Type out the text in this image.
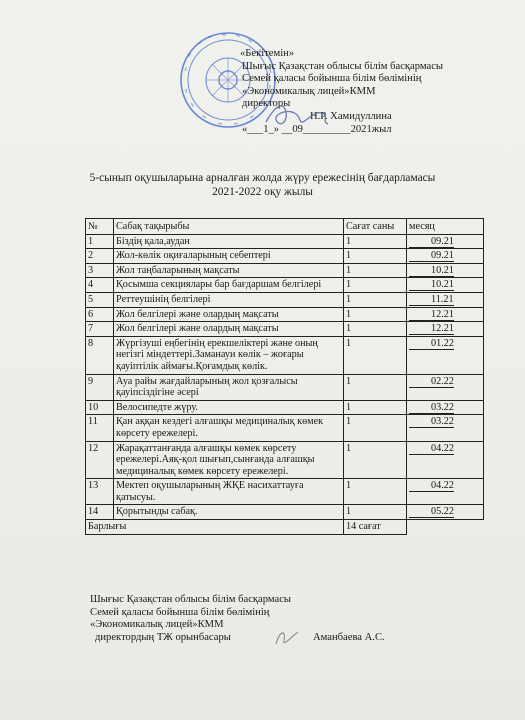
«Бекітемін»
Шығыс Қазақстан облысы білім басқармасы
Семей қаласы бойынша білім бөлімінің
«Экономикалық лицей»КММ
директоры
Н.Р. Хамидуллина
«___1_» __09_________2021жыл
5-сынып оқушыларына арналған жолда жүру ережесінің бағдарламасы
2021-2022 оқу жылы
№	Сабақ тақырыбы	Сағат саны	месяц
1	Біздің қала,аудан	1	09.21
2	Жол-көлік оқиғаларының себептері	1	09.21
3	Жол таңбаларының мақсаты	1	10.21
4	Қосымша секциялары бар бағдаршам белгілері	1	10.21
5	Реттеушінің белгілері	1	11.21
6	Жол белгілері және олардың мақсаты	1	12.21
7	Жол белгілері және олардың мақсаты	1	12.21
8	Жүргізуші еңбегінің ерекшеліктері және оның негізгі міндеттері.Заманауи көлік – жоғары қауіптілік аймағы.Қоғамдық көлік.	1	01.22
9	Ауа райы жағдайларының жол қозғалысы қауіпсіздігіне әсері	1	02.22
10	Велосипедте жүру.	1	03.22
11	Қан аққан кездегі алғашқы медициналық көмек көрсету ережелері.	1	03.22
12	Жарақаттанғанда алғашқы көмек көрсету ережелері.Аяқ-қол шығып,сынғанда алғашқы медициналық көмек көрсету ережелері.	1	04.22
13	Мектеп оқушыларының ЖҚЕ насихаттауға қатысуы.	1	04.22
14	Қорытынды сабақ.	1	05.22
Барлығы		14 сағат	
Шығыс Қазақстан облысы білім басқармасы
Семей қаласы бойынша білім бөлімінің
«Экономикалық лицей»КММ
директордың ТЖ орынбасары	Аманбаева А.С.
